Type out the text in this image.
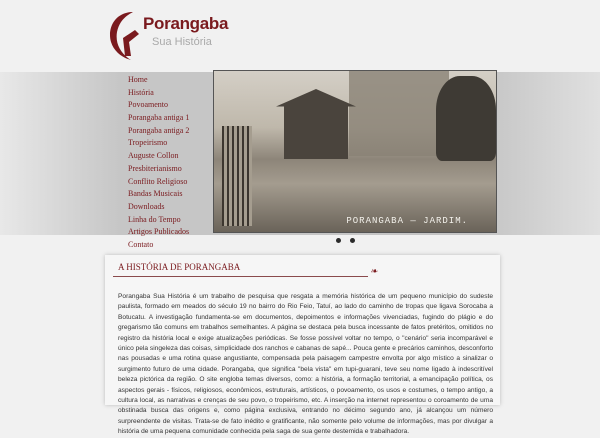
Porangaba
Sua História
Home
História
Povoamento
Porangaba antiga 1
Porangaba antiga 2
Tropeirismo
Auguste Collon
Presbiterianismo
Conflito Religioso
Bandas Musicais
Downloads
Linha do Tempo
Artigos Publicados
Contato
PORANGABA — JARDIM.
A HISTÓRIA DE PORANGABA	❧

Porangaba Sua História é um trabalho de pesquisa que resgata a memória histórica de um pequeno município do sudeste paulista, formado em meados do século 19 no bairro do Rio Feio, Tatuí, ao lado do caminho de tropas que ligava Sorocaba a Botucatu. A investigação fundamenta-se em documentos, depoimentos e informações vivenciadas, fugindo do plágio e do gregarismo tão comuns em trabalhos semelhantes. A página se destaca pela busca incessante de fatos pretéritos, omitidos no registro da história local e exige atualizações periódicas. Se fosse possível voltar no tempo, o "cenário" seria incomparável e único pela singeleza das coisas, simplicidade dos ranchos e cabanas de sapé... Pouca gente e precários caminhos, desconforto nas pousadas e uma rotina quase angustiante, compensada pela paisagem campestre envolta por algo místico a sinalizar o surgimento futuro de uma cidade. Porangaba, que significa "bela vista" em tupi-guarani, teve seu nome ligado à indescritível beleza pictórica da região. O site engloba temas diversos, como: a história, a formação territorial, a emancipação política, os aspectos gerais - físicos, religiosos, econômicos, estruturais, artísticos, o povoamento, os usos e costumes, o tempo antigo, a cultura local, as narrativas e crenças de seu povo, o tropeirismo, etc. A inserção na internet representou o coroamento de uma obstinada busca das origens e, como página exclusiva, entrando no décimo segundo ano, já alcançou um número surpreendente de visitas. Trata-se de fato inédito e gratificante, não somente pelo volume de informações, mas por divulgar a história de uma pequena comunidade conhecida pela saga de sua gente destemida e trabalhadora.
